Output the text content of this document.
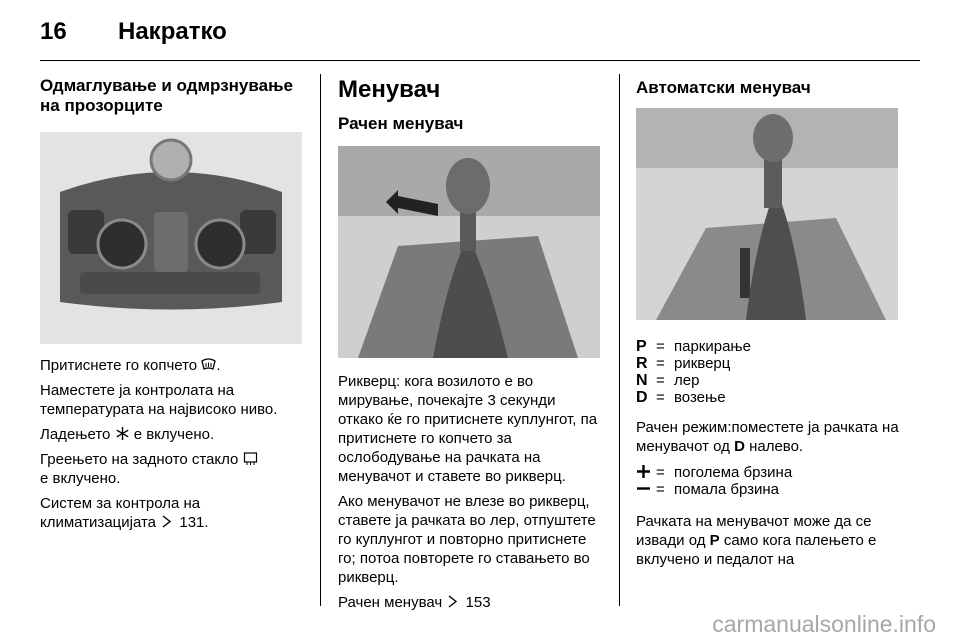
16	Накратко
Одмаглување и одмрзнување на прозорците

Притиснете го копчето .

Наместете ја контролата на температурата на највисоко ниво.

Ладењето  е вклучено.

Греењето на задното стакло
е вклучено.

Систем за контрола на климатизацијата  131.

Менувач
Рачен менувач

Рикверц: кога возилото е во мирување, почекајте 3 секунди откако ќе го притиснете куплунгот, па притиснете го копчето за ослободување на рачката на менувачот и ставете во рикверц.

Ако менувачот не влезе во рикверц, ставете ја рачката во лер, отпуштете го куплунгот и повторно притиснете го; потоа повторете го ставањето во рикверц.

Рачен менувач  153

Автоматски менувач
P = паркирање
R = рикверц
N = лер
D = возење

Рачен режим:поместете ја рачката на менувачот од D налево.

= поголема брзина
= помала брзина

Рачката на менувачот може да се извади од P само кога палењето е вклучено и педалот на

carmanualsonline.info
